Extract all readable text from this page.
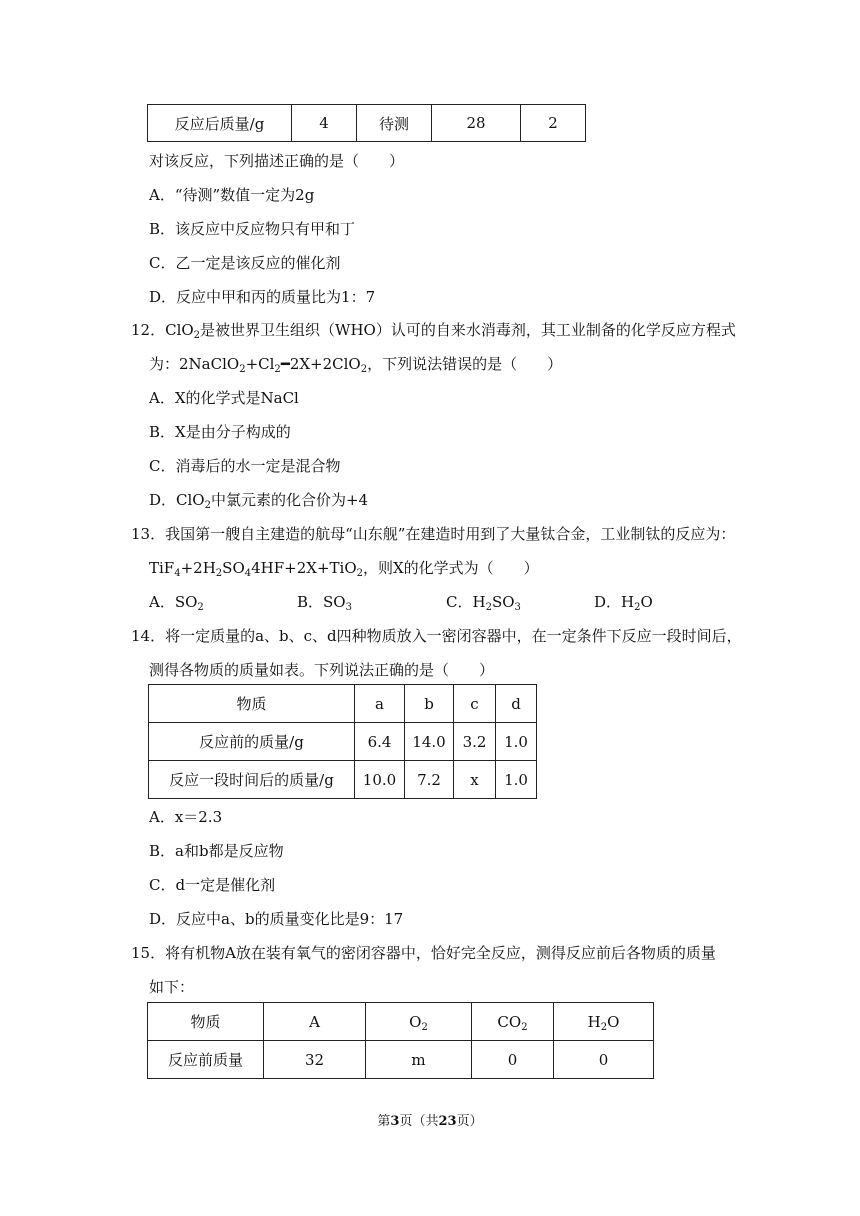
反应后质量/g	4	待测	28	2
对该反应，下列描述正确的是（　　）
A．“待测”数值一定为2g
B．该反应中反应物只有甲和丁
C．乙一定是该反应的催化剂
D．反应中甲和丙的质量比为1：7
12．ClO$_2$是被世界卫生组织（WHO）认可的自来水消毒剂，其工业制备的化学反应方程式
为：$2NaClO_2+Cl_2━2X+2ClO_2$，下列说法错误的是（　　）
A．X的化学式是NaCl
B．X是由分子构成的
C．消毒后的水一定是混合物
D．ClO$_2$中氯元素的化合价为+4
13．我国第一艘自主建造的航母“山东舰”在建造时用到了大量钛合金，工业制钛的反应为：
$TiF_4+2H_2SO_44HF+2X+TiO_2$，则X的化学式为（　　）
A．$SO_2$	B．$SO_3$	C．$H_2SO_3$	D．$H_2O$
14．将一定质量的a、b、c、d四种物质放入一密闭容器中，在一定条件下反应一段时间后，
测得各物质的质量如表。下列说法正确的是（　　）
物质	a	b	c	d
反应前的质量/g	6.4	14.0	3.2	1.0
反应一段时间后的质量/g	10.0	7.2	x	1.0
A．x＝2.3
B．a和b都是反应物
C．d一定是催化剂
D．反应中a、b的质量变化比是9：17
15．将有机物A放在装有氧气的密闭容器中，恰好完全反应，测得反应前后各物质的质量
如下：
物质	A	$O_2$	$CO_2$	$H_2O$
反应前质量	32	m	0	0
第3页（共23页）
